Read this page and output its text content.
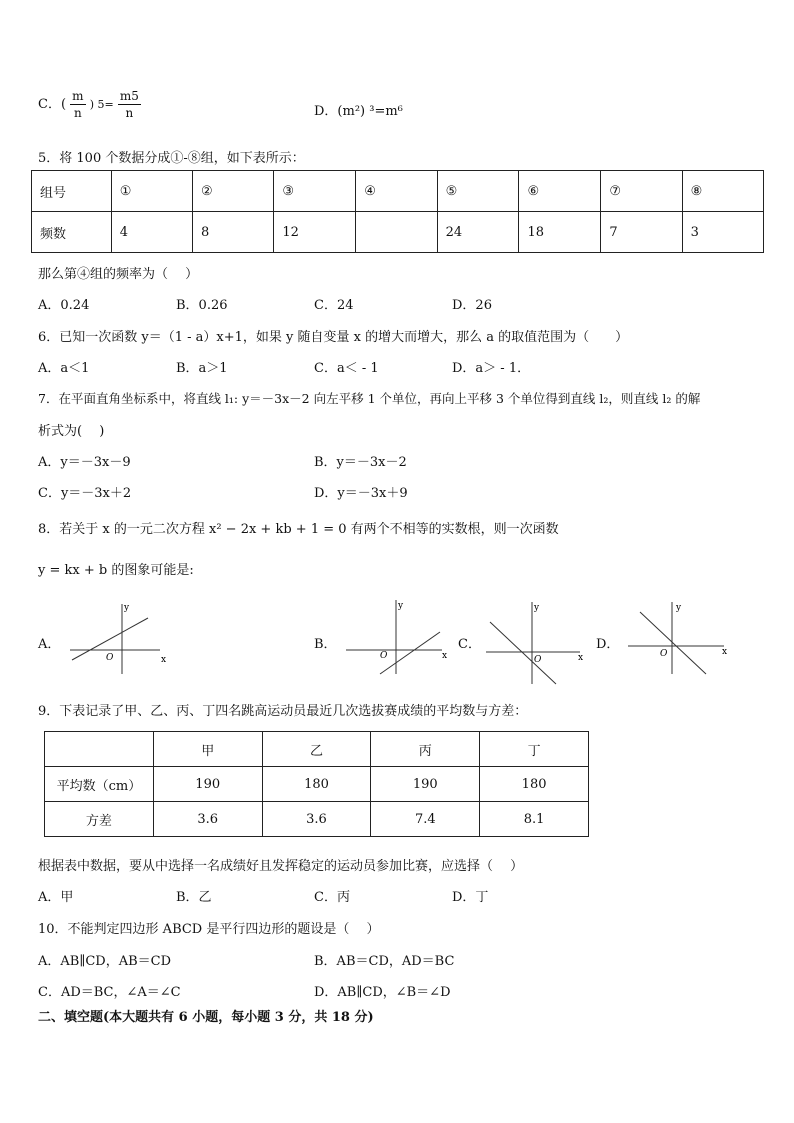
C．( $\frac{m}{n}$ ) $5= \frac{m5}{n}$	D．(m²) ³=m⁶
5．将 100 个数据分成①-⑧组，如下表所示：
组号	①	②	③	④	⑤	⑥	⑦	⑧
频数	4	8	12		24	18	7	3
那么第④组的频率为（　 ）
A．0.24	B．0.26	C．24	D．26
6．已知一次函数 y＝（1 - a）x+1，如果 y 随自变量 x 的增大而增大，那么 a 的取值范围为（　　）
A．a＜1	B．a＞1	C．a＜ - 1	D．a＞ - 1．
7．在平面直角坐标系中，将直线 l₁: y＝－3x－2 向左平移 1 个单位，再向上平移 3 个单位得到直线 l₂，则直线 l₂ 的解
析式为(　 )
A．y＝－3x－9	B．y＝－3x－2
C．y＝－3x＋2	D．y＝－3x＋9
8．若关于 x 的一元二次方程 x² − 2x + kb + 1 = 0 有两个不相等的实数根，则一次函数
y = kx + b 的图象可能是:
A．	B．	C．	D．
y
x
O
y
x
O
y
x
O
y
x
O
9．下表记录了甲、乙、丙、丁四名跳高运动员最近几次选拔赛成绩的平均数与方差：
	甲	乙	丙	丁
平均数（cm）	190	180	190	180
方差	3.6	3.6	7.4	8.1
根据表中数据，要从中选择一名成绩好且发挥稳定的运动员参加比赛，应选择（　 ）
A．甲	B．乙	C．丙	D．丁
10．不能判定四边形 ABCD 是平行四边形的题设是（　 ）
A．AB∥CD，AB＝CD	B．AB＝CD，AD＝BC
C．AD＝BC，∠A＝∠C	D．AB∥CD，∠B＝∠D
二、填空题(本大题共有 6 小题，每小题 3 分，共 18 分)
